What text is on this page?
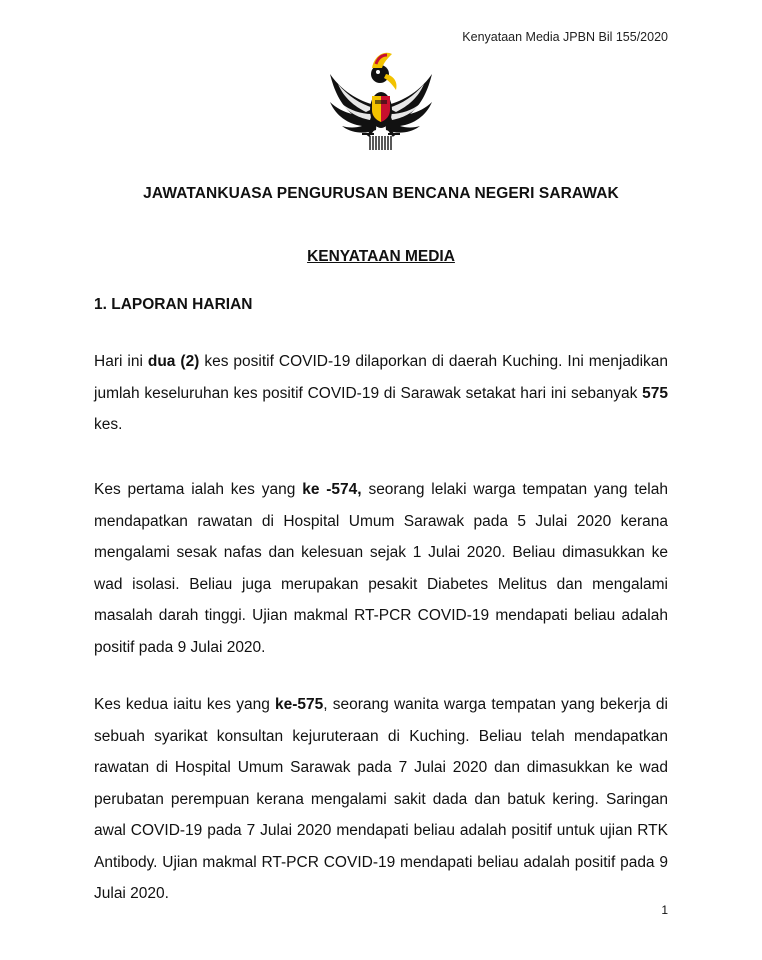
Kenyataan Media JPBN Bil 155/2020
JAWATANKUASA PENGURUSAN BENCANA NEGERI SARAWAK
KENYATAAN MEDIA
1. LAPORAN HARIAN

Hari ini dua (2) kes positif COVID-19 dilaporkan di daerah Kuching. Ini menjadikan jumlah keseluruhan kes positif COVID-19 di Sarawak setakat hari ini sebanyak 575 kes.

Kes pertama ialah kes yang ke -574, seorang lelaki warga tempatan yang telah mendapatkan rawatan di Hospital Umum Sarawak pada 5 Julai 2020 kerana mengalami sesak nafas dan kelesuan sejak 1 Julai 2020. Beliau dimasukkan ke wad isolasi. Beliau juga merupakan pesakit Diabetes Melitus dan mengalami masalah darah tinggi. Ujian makmal RT-PCR COVID-19 mendapati beliau adalah positif pada 9 Julai 2020.

Kes kedua iaitu kes yang ke-575, seorang wanita warga tempatan yang bekerja di sebuah syarikat konsultan kejuruteraan di Kuching. Beliau telah mendapatkan rawatan di Hospital Umum Sarawak pada 7 Julai 2020 dan dimasukkan ke wad perubatan perempuan kerana mengalami sakit dada dan batuk kering. Saringan awal COVID-19 pada 7 Julai 2020 mendapati beliau adalah positif untuk ujian RTK Antibody. Ujian makmal RT-PCR COVID-19 mendapati beliau adalah positif pada 9 Julai 2020.

1
